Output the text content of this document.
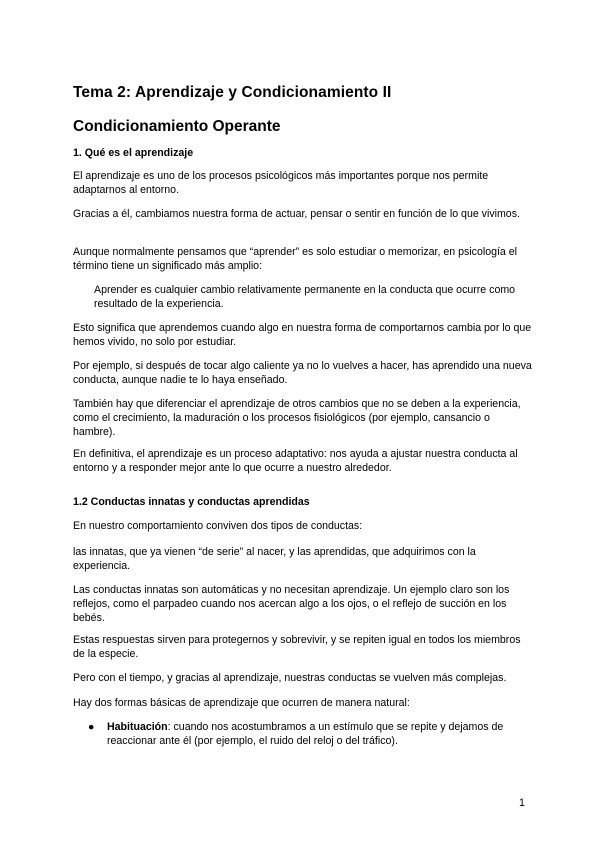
Tema 2: Aprendizaje y Condicionamiento II
Condicionamiento Operante
1. Qué es el aprendizaje

El aprendizaje es uno de los procesos psicológicos más importantes porque nos permite adaptarnos al entorno.

Gracias a él, cambiamos nuestra forma de actuar, pensar o sentir en función de lo que vivimos.

Aunque normalmente pensamos que “aprender” es solo estudiar o memorizar, en psicología el término tiene un significado más amplio:

Aprender es cualquier cambio relativamente permanente en la conducta que ocurre como resultado de la experiencia.

Esto significa que aprendemos cuando algo en nuestra forma de comportarnos cambia por lo que hemos vivido, no solo por estudiar.

Por ejemplo, si después de tocar algo caliente ya no lo vuelves a hacer, has aprendido una nueva conducta, aunque nadie te lo haya enseñado.

También hay que diferenciar el aprendizaje de otros cambios que no se deben a la experiencia, como el crecimiento, la maduración o los procesos fisiológicos (por ejemplo, cansancio o hambre).

En definitiva, el aprendizaje es un proceso adaptativo: nos ayuda a ajustar nuestra conducta al entorno y a responder mejor ante lo que ocurre a nuestro alrededor.

1.2 Conductas innatas y conductas aprendidas

En nuestro comportamiento conviven dos tipos de conductas:

las innatas, que ya vienen “de serie” al nacer, y las aprendidas, que adquirimos con la experiencia.

Las conductas innatas son automáticas y no necesitan aprendizaje. Un ejemplo claro son los reflejos, como el parpadeo cuando nos acercan algo a los ojos, o el reflejo de succión en los bebés.

Estas respuestas sirven para protegernos y sobrevivir, y se repiten igual en todos los miembros de la especie.

Pero con el tiempo, y gracias al aprendizaje, nuestras conductas se vuelven más complejas.

Hay dos formas básicas de aprendizaje que ocurren de manera natural:

●	Habituación: cuando nos acostumbramos a un estímulo que se repite y dejamos de reaccionar ante él (por ejemplo, el ruido del reloj o del tráfico).
1
